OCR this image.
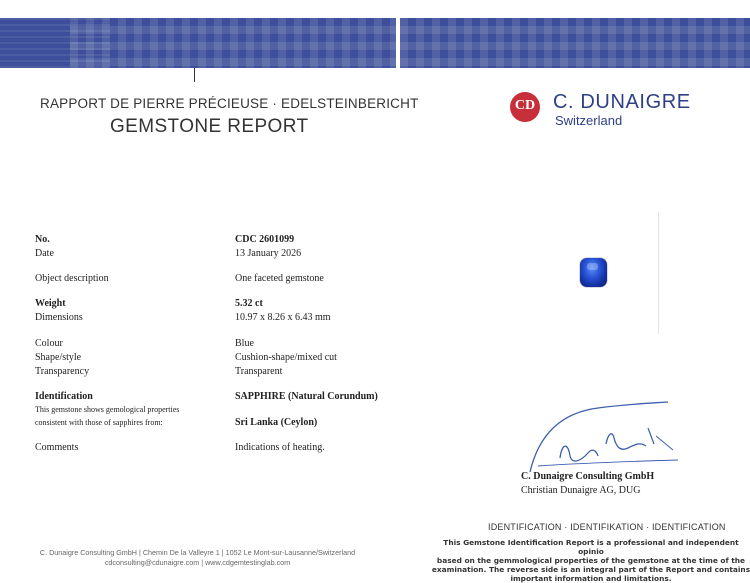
RAPPORT DE PIERRE PRÉCIEUSE · EDELSTEINBERICHT
GEMSTONE REPORT
CD C. DUNAIGRE
Switzerland
No.	CDC 2601099
Date	13 January 2026
Object description	One faceted gemstone
Weight	5.32 ct
Dimensions	10.97 x 8.26 x 6.43 mm
Colour	Blue
Shape/style	Cushion-shape/mixed cut
Transparency	Transparent
Identification	SAPPHIRE (Natural Corundum)
This gemstone shows gemological properties
consistent with those of sapphires from:	Sri Lanka (Ceylon)
Comments	Indications of heating.
C. Dunaigre Consulting GmbH
Christian Dunaigre AG, DUG
IDENTIFICATION · IDENTIFIKATION · IDENTIFICATION
This Gemstone Identification Report is a professional and independent opinio
based on the gemmological properties of the gemstone at the time of the
examination. The reverse side is an integral part of the Report and contains
important information and limitations.
C. Dunaigre Consulting GmbH | Chemin De la Valleyre 1 | 1052 Le Mont-sur-Lausanne/Switzerland
cdconsulting@cdunaigre.com | www.cdgemtestinglab.com
